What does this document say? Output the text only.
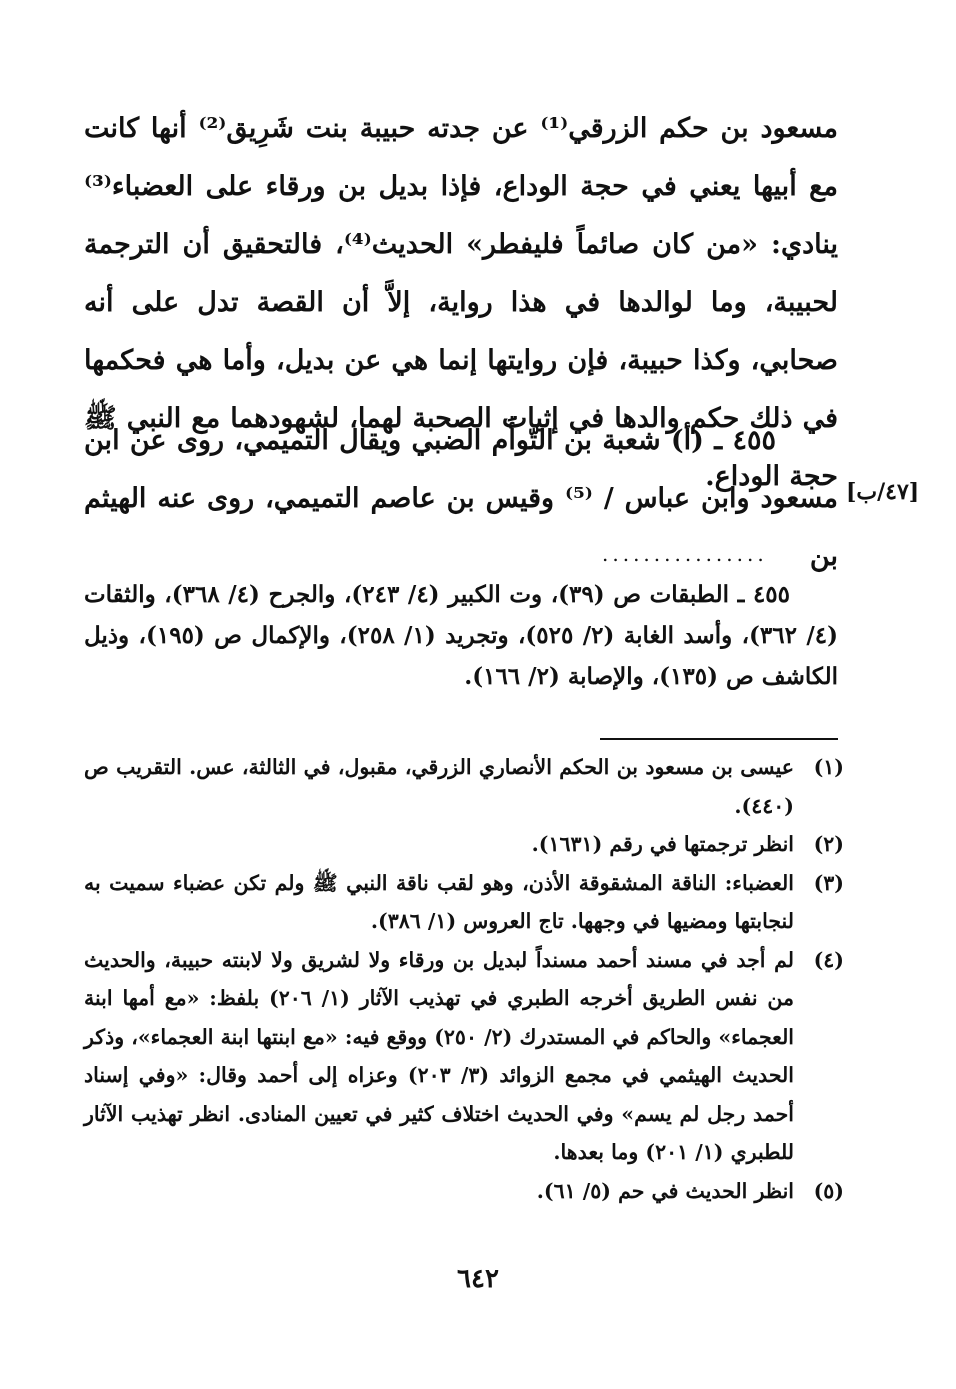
مسعود بن حكم الزرقي⁽¹⁾ عن جدته حبيبة بنت شَرِيق⁽²⁾ أنها كانت مع أبيها يعني في حجة الوداع، فإذا بديل بن ورقاء على العضباء⁽³⁾ ينادي: «من كان صائماً فليفطر» الحديث⁽⁴⁾، فالتحقيق أن الترجمة لحبيبة، وما لوالدها في هذا رواية، إلاَّ أن القصة تدل على أنه صحابي، وكذا حبيبة، فإن روايتها إنما هي عن بديل، وأما هي فحكمها في ذلك حكم والدها في إثبات الصحبة لهما، لشهودهما مع النبي ﷺ حجة الوداع.

٤٥٥ ـ (أ) شعبة بن التّوأَم الضبي ويقال التميمي، روى عن ابن مسعود وابن عباس / ⁽⁵⁾ وقيس بن عاصم التميمي، روى عنه الهيثم بن

[٤٧/ب]
................

٤٥٥ ـ الطبقات ص (٣٩)، وت الكبير (٤/ ٢٤٣)، والجرح (٤/ ٣٦٨)، والثقات (٤/ ٣٦٢)، وأسد الغابة (٢/ ٥٢٥)، وتجريد (١/ ٢٥٨)، والإكمال ص (١٩٥)، وذيل الكاشف ص (١٣٥)، والإصابة (٢/ ١٦٦).

(١)
عيسى بن مسعود بن الحكم الأنصاري الزرقي، مقبول، في الثالثة، عس. التقريب ص (٤٤٠).
(٢)
انظر ترجمتها في رقم (١٦٣١).
(٣)
العضباء: الناقة المشقوقة الأذن، وهو لقب ناقة النبي ﷺ ولم تكن عضباء سميت به لنجابتها ومضيها في وجهها. تاج العروس (١/ ٣٨٦).
(٤)
لم أجد في مسند أحمد مسنداً لبديل بن ورقاء ولا لشريق ولا لابنته حبيبة، والحديث من نفس الطريق أخرجه الطبري في تهذيب الآثار (١/ ٢٠٦) بلفظ: «مع أمها ابنة العجماء» والحاكم في المستدرك (٢/ ٢٥٠) ووقع فيه: «مع ابنتها ابنة العجماء»، وذكر الحديث الهيثمي في مجمع الزوائد (٣/ ٢٠٣) وعزاه إلى أحمد وقال: «وفي إسناد أحمد رجل لم يسم» وفي الحديث اختلاف كثير في تعيين المنادى. انظر تهذيب الآثار للطبري (١/ ٢٠١) وما بعدها.
(٥)
انظر الحديث في حم (٥/ ٦١).
٦٤٢
